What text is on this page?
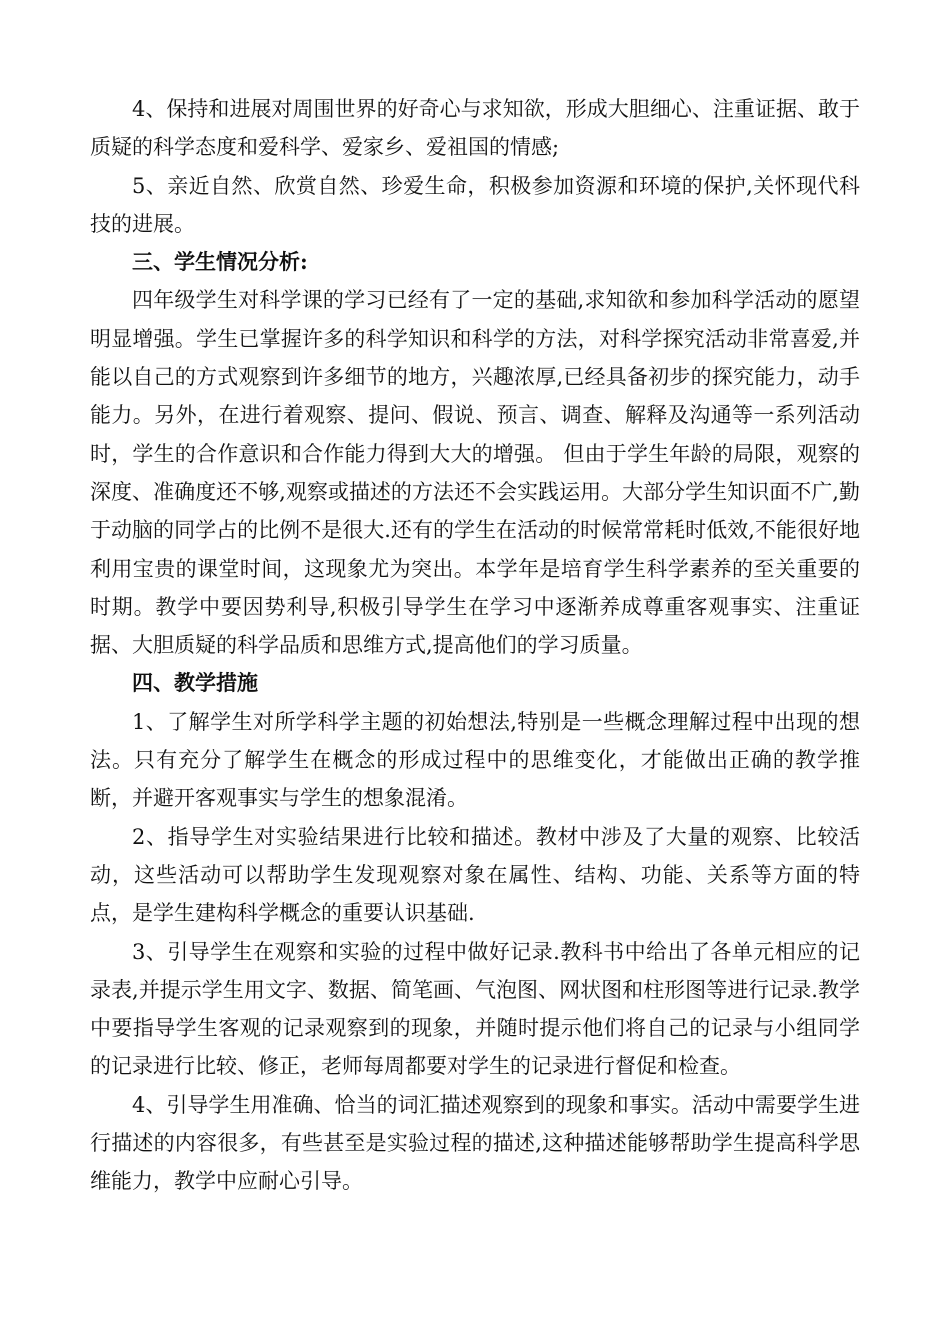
4、保持和进展对周围世界的好奇心与求知欲，形成大胆细心、注重证据、敢于质疑的科学态度和爱科学、爱家乡、爱祖国的情感;

5、亲近自然、欣赏自然、珍爱生命，积极参加资源和环境的保护,关怀现代科技的进展。

三、学生情况分析:

四年级学生对科学课的学习已经有了一定的基础,求知欲和参加科学活动的愿望明显增强。学生已掌握许多的科学知识和科学的方法，对科学探究活动非常喜爱,并能以自己的方式观察到许多细节的地方，兴趣浓厚,已经具备初步的探究能力，动手能力。另外，在进行着观察、提问、假说、预言、调查、解释及沟通等一系列活动时，学生的合作意识和合作能力得到大大的增强。 但由于学生年龄的局限，观察的深度、准确度还不够,观察或描述的方法还不会实践运用。大部分学生知识面不广,勤于动脑的同学占的比例不是很大.还有的学生在活动的时候常常耗时低效,不能很好地利用宝贵的课堂时间，这现象尤为突出。本学年是培育学生科学素养的至关重要的时期。教学中要因势利导,积极引导学生在学习中逐渐养成尊重客观事实、注重证据、大胆质疑的科学品质和思维方式,提高他们的学习质量。

四、教学措施

1、了解学生对所学科学主题的初始想法,特别是一些概念理解过程中出现的想法。只有充分了解学生在概念的形成过程中的思维变化，才能做出正确的教学推断，并避开客观事实与学生的想象混淆。

2、指导学生对实验结果进行比较和描述。教材中涉及了大量的观察、比较活动，这些活动可以帮助学生发现观察对象在属性、结构、功能、关系等方面的特点，是学生建构科学概念的重要认识基础.

3、引导学生在观察和实验的过程中做好记录.教科书中给出了各单元相应的记录表,并提示学生用文字、数据、简笔画、气泡图、网状图和柱形图等进行记录.教学中要指导学生客观的记录观察到的现象，并随时提示他们将自己的记录与小组同学的记录进行比较、修正，老师每周都要对学生的记录进行督促和检查。

4、引导学生用准确、恰当的词汇描述观察到的现象和事实。活动中需要学生进行描述的内容很多，有些甚至是实验过程的描述,这种描述能够帮助学生提高科学思维能力，教学中应耐心引导。
